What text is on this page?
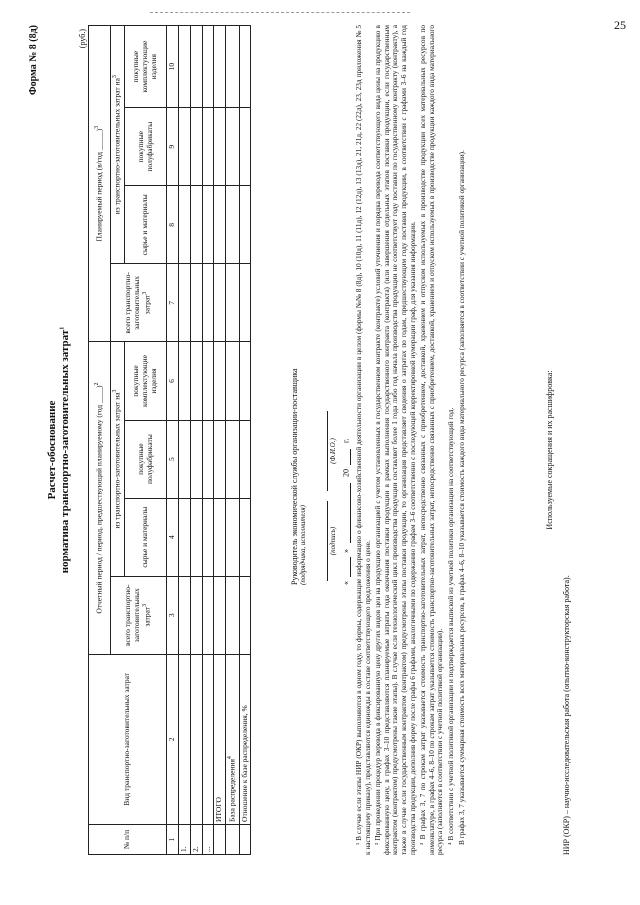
25
Форма № 8 (8д)
Расчет-обоснование норматива транспортно-заготовительных затрат$^1$
(руб.)
№ п/п	Вид транспортно-заготовительных затрат	Отчетный период / период, предшествующий планируемому (год ____)$^2$				Планируемый период (в/год _____)$^3$
		всего транспортно-заготовительных затрат$^3$	из транспортно-заготовительных затрат $на^3$			всего транспортно-заготовительных затрат$^3$	из транспортно-заготовительных затрат $на^3$
			сырье и материалы	покупные полуфабрикаты	покупные комплектующие изделия		сырье и материалы	покупные полуфабрикаты	покупные комплектующие изделия
1	2	3	4	5	6	7	8	9	10
1.									
2.									
...									
	ИТОГО								
	База распределения$^4$								
	Отношение к базе распределения, %								
Руководитель экономической службы организации-поставщика (подрядчика, исполнителя)
	(подпись) (Ф.И.О.)
«»  20 г. ¹ В случае если этапы НИР (ОКР) выполняются в одном году, то формы, содержащие информацию о финансово-хозяйственной деятельности организации в целом (формы №№ 8 (8д), 10 (10д), 11 (11д), 12 (12д), 13 (13д), 21, 21д, 22 (22д), 23, 23д приложения № 5 к настоящему приказу), представляются единожды в составе соответствующего предложения о цене. ² При проведении процедур перевода в фиксированную цену других видов цен на продукцию организацией с учетом установленных в государственном контракте (контракте) условий уточнения и порядка перевода соответствующего вида цены на продукцию в фиксированную цену, в графах 3–10 представляются планируемые затраты года окончания поставки продукции в рамках выполнения государственного контракта (контракта) (или завершения отдельных этапов поставки продукции, если государственным контрактом (контрактом) предусмотрены такие этапы). В случае если технологический цикл производства продукции составляет более 1 года либо год начала производства продукции не соответствует году поставки по государственному контракту (контракту), а также в случае если государственным контрактом (контрактом) предусмотрены этапы поставки продукции, то организация представляет сведения о затратах по годам, предшествующим году поставки продукции, в соответствии с графами 3–6 на каждый год производства продукции, дополнив форму после графы 6 графами, аналогичными по содержанию графам 3–6 соответственно с последующей корректировкой нумерации граф, для указания информации. ³ В графах 3, 7 по строкам затрат указывается стоимость транспортно-заготовительных затрат, непосредственно связанных с приобретением, доставкой, хранением и отпуском используемых в производстве продукции всех материальных ресурсов по номенклатуре, в графах 4–6, 8–10 по строкам затрат указывается стоимость транспортно-заготовительных затрат, непосредственно связанных с приобретением, доставкой, хранением и отпуском используемых в производстве продукции каждого вида материального ресурса (заполняется в соответствии с учетной политикой организации). ⁴ В соответствии с учетной политикой организации и подтверждается выпиской из учетной политики организации на соответствующий год. В графах 3, 7 указывается суммарная стоимость всех материальных ресурсов, в графах 4–6, 8–10 указывается стоимость каждого вида материального ресурса (заполняется в соответствии с учетной политикой организации).	Используемые сокращения и их расшифровка:
НИР (ОКР) – научно-исследовательская работа (опытно-конструкторская работа).
